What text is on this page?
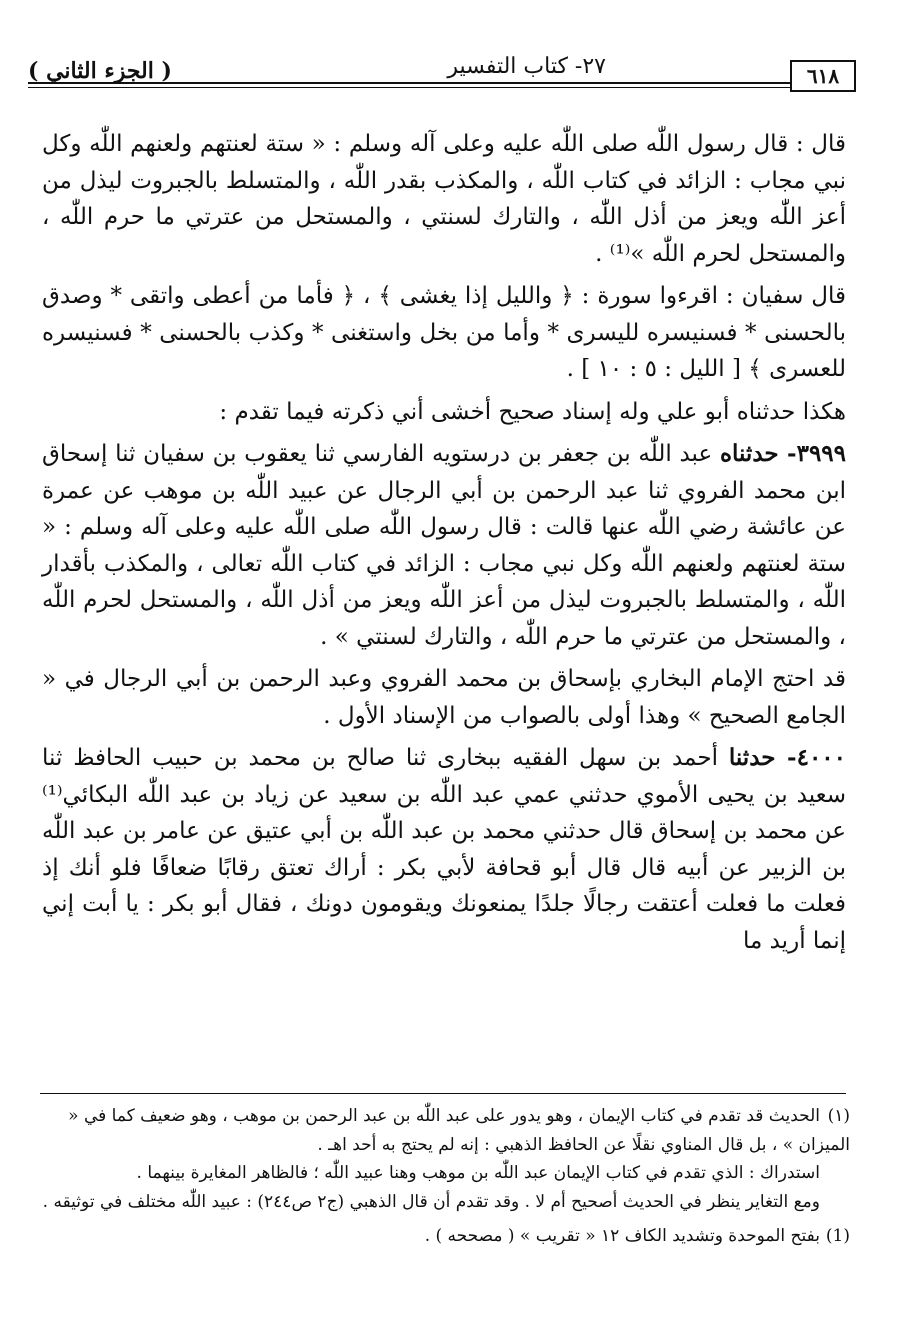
٦١٨
٢٧- كتاب التفسير
( الجزء الثاني )

قال : قال رسول اللّٰه صلى اللّٰه عليه وعلى آله وسلم : « ستة لعنتهم ولعنهم اللّٰه وكل نبي مجاب : الزائد في كتاب اللّٰه ، والمكذب بقدر اللّٰه ، والمتسلط بالجبروت ليذل من أعز اللّٰه ويعز من أذل اللّٰه ، والتارك لسنتي ، والمستحل من عترتي ما حرم اللّٰه ، والمستحل لحرم اللّٰه »⁽¹⁾ .

قال سفيان : اقرءوا سورة : ﴿ والليل إذا يغشى ﴾ ، ﴿ فأما من أعطى واتقى * وصدق بالحسنى * فسنيسره لليسرى * وأما من بخل واستغنى * وكذب بالحسنى * فسنيسره للعسرى ﴾ [ الليل : ٥ : ١٠ ] .

هكذا حدثناه أبو علي وله إسناد صحيح أخشى أني ذكرته فيما تقدم :

٣٩٩٩- حدثناه عبد اللّٰه بن جعفر بن درستويه الفارسي ثنا يعقوب بن سفيان ثنا إسحاق ابن محمد الفروي ثنا عبد الرحمن بن أبي الرجال عن عبيد اللّٰه بن موهب عن عمرة عن عائشة رضي اللّٰه عنها قالت : قال رسول اللّٰه صلى اللّٰه عليه وعلى آله وسلم : « ستة لعنتهم ولعنهم اللّٰه وكل نبي مجاب : الزائد في كتاب اللّٰه تعالى ، والمكذب بأقدار اللّٰه ، والمتسلط بالجبروت ليذل من أعز اللّٰه ويعز من أذل اللّٰه ، والمستحل لحرم اللّٰه ، والمستحل من عترتي ما حرم اللّٰه ، والتارك لسنتي » .

قد احتج الإمام البخاري بإسحاق بن محمد الفروي وعبد الرحمن بن أبي الرجال في « الجامع الصحيح » وهذا أولى بالصواب من الإسناد الأول .

٤٠٠٠- حدثنا أحمد بن سهل الفقيه ببخارى ثنا صالح بن محمد بن حبيب الحافظ ثنا سعيد بن يحيى الأموي حدثني عمي عبد اللّٰه بن سعيد عن زياد بن عبد اللّٰه البكائي⁽¹⁾ عن محمد بن إسحاق قال حدثني محمد بن عبد اللّٰه بن أبي عتيق عن عامر بن عبد اللّٰه بن الزبير عن أبيه قال قال أبو قحافة لأبي بكر : أراك تعتق رقابًا ضعافًا فلو أنك إذ فعلت ما فعلت أعتقت رجالًا جلدًا يمنعونك ويقومون دونك ، فقال أبو بكر : يا أبت إني إنما أريد ما

(١)الحديث قد تقدم في كتاب الإيمان ، وهو يدور على عبد اللّٰه بن عبد الرحمن بن موهب ، وهو ضعيف كما في « الميزان » ، بل قال المناوي نقلًا عن الحافظ الذهبي : إنه لم يحتج به أحد اهـ .

استدراك : الذي تقدم في كتاب الإيمان عبد اللّٰه بن موهب وهنا عبيد اللّٰه ؛ فالظاهر المغايرة بينهما .

ومع التغاير ينظر في الحديث أصحيح أم لا . وقد تقدم أن قال الذهبي (ج٢ ص٢٤٤) : عبيد اللّٰه مختلف في توثيقه .

(1)بفتح الموحدة وتشديد الكاف ١٢ « تقريب » ( مصححه ) .
